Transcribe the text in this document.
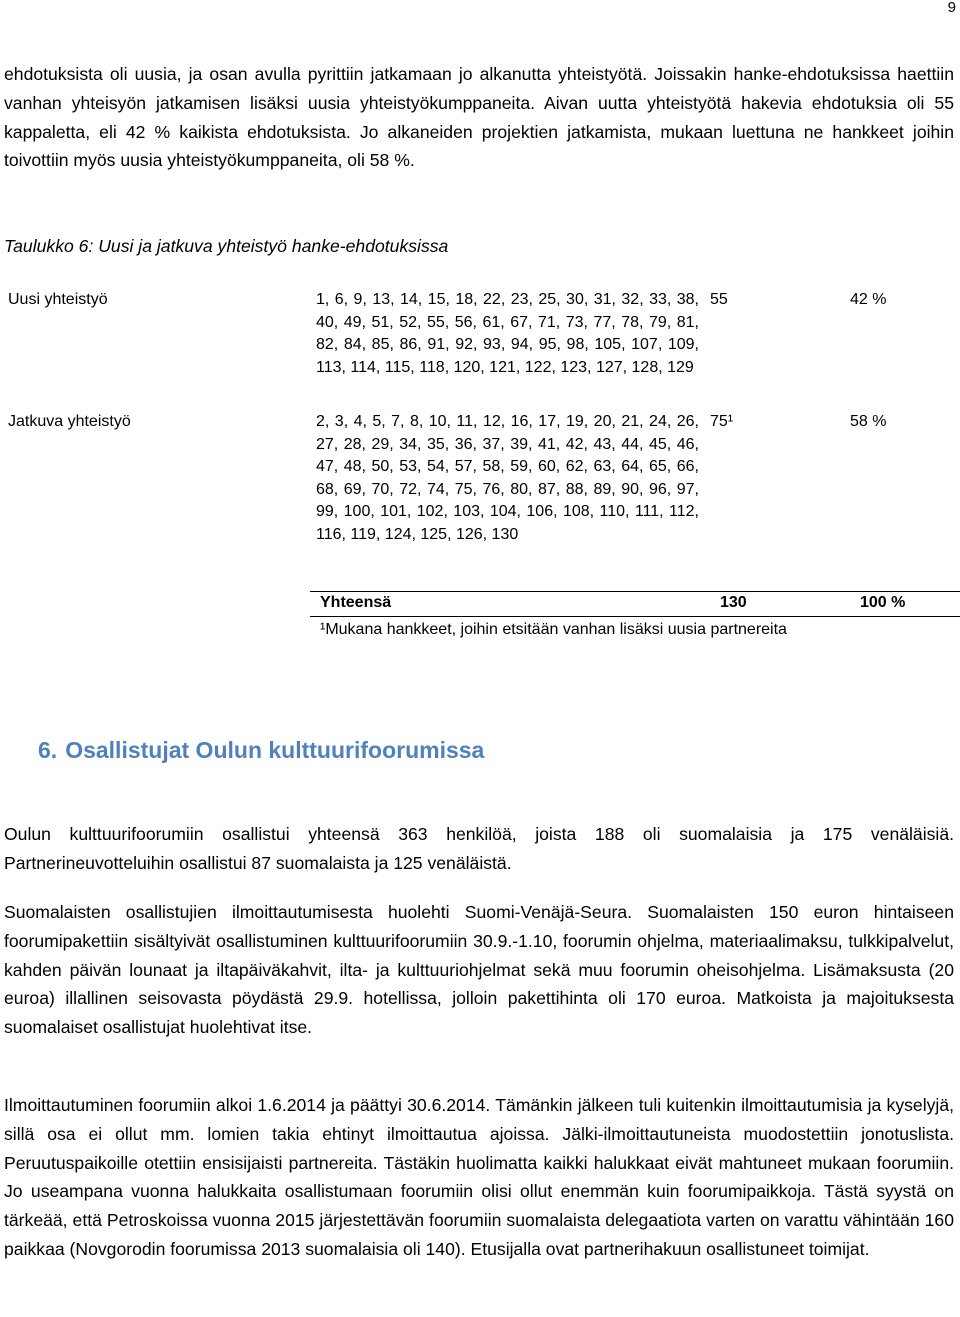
9

ehdotuksista oli uusia, ja osan avulla pyrittiin jatkamaan jo alkanutta yhteistyötä. Joissakin hanke-ehdotuksissa haettiin vanhan yhteisyön jatkamisen lisäksi uusia yhteistyökumppaneita. Aivan uutta yhteistyötä hakevia ehdotuksia oli 55 kappaletta, eli 42 % kaikista ehdotuksista. Jo alkaneiden projektien jatkamista, mukaan luettuna ne hankkeet joihin toivottiin myös uusia yhteistyökumppaneita, oli 58 %.

Taulukko 6: Uusi ja jatkuva yhteistyö hanke-ehdotuksissa

Uusi yhteistyö	1, 6, 9, 13, 14, 15, 18, 22, 23, 25, 30, 31, 32, 33, 38, 40, 49, 51, 52, 55, 56, 61, 67, 71, 73, 77, 78, 79, 81, 82, 84, 85, 86, 91, 92, 93, 94, 95, 98, 105, 107, 109, 113, 114, 115, 118, 120, 121, 122, 123, 127, 128, 129	55	42 %
Jatkuva yhteistyö	2, 3, 4, 5, 7, 8, 10, 11, 12, 16, 17, 19, 20, 21, 24, 26, 27, 28, 29, 34, 35, 36, 37, 39, 41, 42, 43, 44, 45, 46, 47, 48, 50, 53, 54, 57, 58, 59, 60, 62, 63, 64, 65, 66, 68, 69, 70, 72, 74, 75, 76, 80, 87, 88, 89, 90, 96, 97, 99, 100, 101, 102, 103, 104, 106, 108, 110, 111, 112, 116, 119, 124, 125, 126, 130	75¹	58 %
Yhteensä	130	100 %

¹Mukana hankkeet, joihin etsitään vanhan lisäksi uusia partnereita

6. Osallistujat Oulun kulttuurifoorumissa

Oulun kulttuurifoorumiin osallistui yhteensä 363 henkilöä, joista 188 oli suomalaisia ja 175 venäläisiä. Partnerineuvotteluihin osallistui 87 suomalaista ja 125 venäläistä.

Suomalaisten osallistujien ilmoittautumisesta huolehti Suomi-Venäjä-Seura. Suomalaisten 150 euron hintaiseen foorumipakettiin sisältyivät osallistuminen kulttuurifoorumiin 30.9.-1.10, foorumin ohjelma, materiaalimaksu, tulkkipalvelut, kahden päivän lounaat ja iltapäiväkahvit, ilta- ja kulttuuriohjelmat sekä muu foorumin oheisohjelma. Lisämaksusta (20 euroa) illallinen seisovasta pöydästä 29.9. hotellissa, jolloin pakettihinta oli 170 euroa. Matkoista ja majoituksesta suomalaiset osallistujat huolehtivat itse.

Ilmoittautuminen foorumiin alkoi 1.6.2014 ja päättyi 30.6.2014. Tämänkin jälkeen tuli kuitenkin ilmoittautumisia ja kyselyjä, sillä osa ei ollut mm. lomien takia ehtinyt ilmoittautua ajoissa. Jälki-ilmoittautuneista muodostettiin jonotuslista. Peruutuspaikoille otettiin ensisijaisti partnereita. Tästäkin huolimatta kaikki halukkaat eivät mahtuneet mukaan foorumiin. Jo useampana vuonna halukkaita osallistumaan foorumiin olisi ollut enemmän kuin foorumipaikkoja. Tästä syystä on tärkeää, että Petroskoissa vuonna 2015 järjestettävän foorumiin suomalaista delegaatiota varten on varattu vähintään 160 paikkaa (Novgorodin foorumissa 2013 suomalaisia oli 140). Etusijalla ovat partnerihakuun osallistuneet toimijat.
